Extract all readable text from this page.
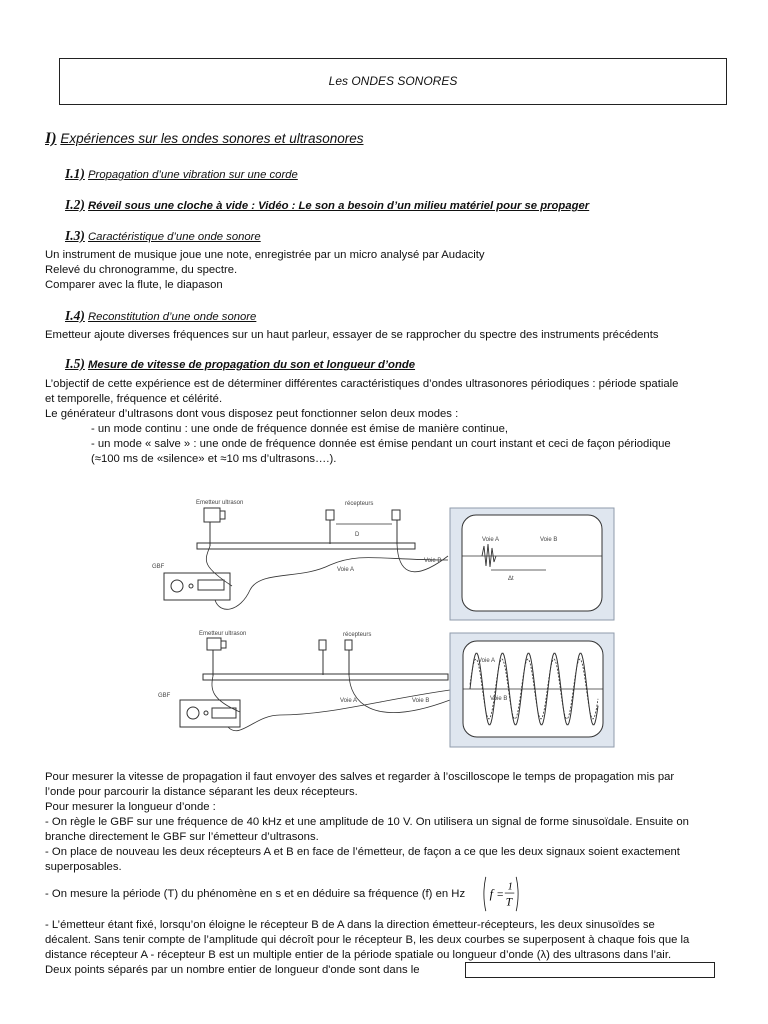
Les ONDES SONORES
I) Expériences sur les ondes sonores et ultrasonores
I.1) Propagation d’une vibration sur une corde
I.2) Réveil sous une cloche à vide : Vidéo : Le son a besoin d’un milieu matériel pour se propager
I.3) Caractéristique d’une onde sonore
Un instrument de musique joue une note, enregistrée par un micro analysé par Audacity
Relevé du chronogramme, du spectre.
Comparer avec la flute, le diapason
I.4) Reconstitution d’une onde sonore
Emetteur ajoute diverses fréquences sur un haut parleur, essayer de se rapprocher du spectre des instruments précédents
I.5) Mesure de vitesse de propagation du son et longueur d’onde
L’objectif de cette expérience est de déterminer différentes caractéristiques d’ondes ultrasonores périodiques : période spatiale
et temporelle, fréquence et célérité.
Le générateur d’ultrasons dont vous disposez peut fonctionner selon deux modes :
- un mode continu : une onde de fréquence donnée est émise de manière continue,
- un mode « salve » : une onde de fréquence donnée est émise pendant un court instant et ceci de façon périodique
(≈100 ms de «silence» et ≈10 ms d’ultrasons….).
Emetteur ultrason	récepteurs
D
GBF	Voie A
Voie B
Voie A	Voie B
Δt
Emetteur ultrason	récepteurs
GBF
Voie A	Voie B
Voie A
Voie B
Pour mesurer la vitesse de propagation il faut envoyer des salves et regarder à l’oscilloscope le temps de propagation mis par
l’onde pour parcourir la distance séparant les deux récepteurs.
Pour mesurer la longueur d’onde :
- On règle le GBF sur une fréquence de 40 kHz et une amplitude de 10 V. On utilisera un signal de forme sinusoïdale. Ensuite on
branche directement le GBF sur l’émetteur d’ultrasons.
- On place de nouveau les deux récepteurs A et B en face de l’émetteur, de façon a ce que les deux signaux soient exactement
superposables.
- On mesure la période (T) du phénomène en s et en déduire sa fréquence (f) en Hz f =
1
T
- L’émetteur étant fixé, lorsqu’on éloigne le récepteur B de A dans la direction émetteur-récepteurs, les deux sinusoïdes se
décalent. Sans tenir compte de l’amplitude qui décroît pour le récepteur B, les deux courbes se superposent à chaque fois que la
distance récepteur A - récepteur B est un multiple entier de la période spatiale ou longueur d’onde (λ) des ultrasons dans l’air.
Deux points séparés par un nombre entier de longueur d'onde sont dans le
